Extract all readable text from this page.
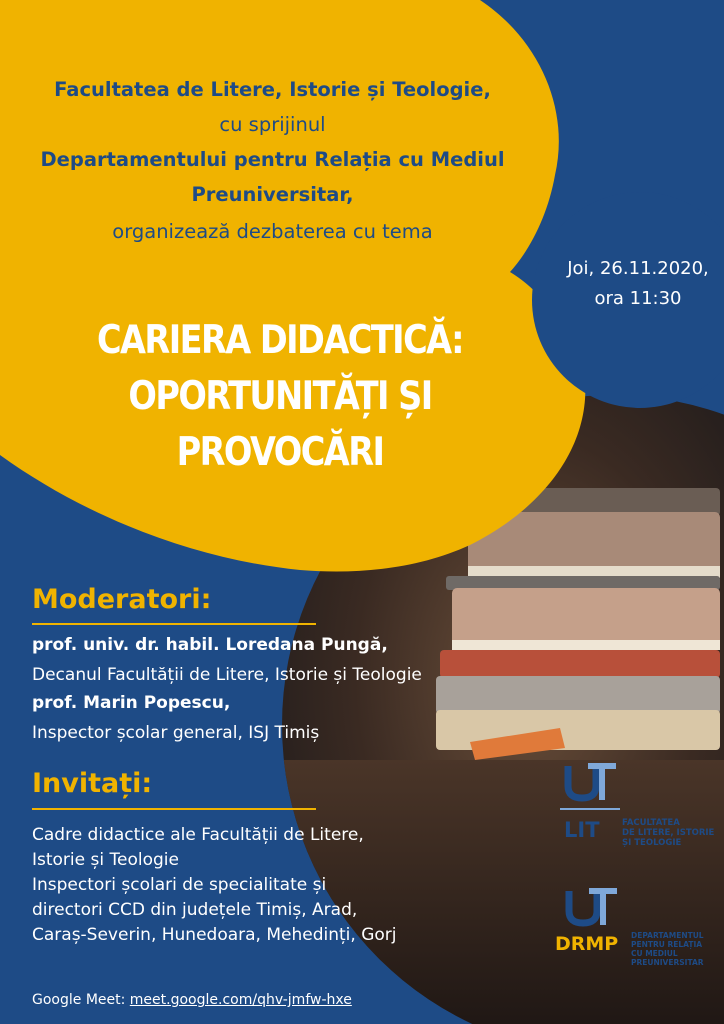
Facultatea de Litere, Istorie și Teologie,
cu sprijinul
Departamentului pentru Relația cu Mediul
Preuniversitar,
organizează dezbaterea cu tema
Joi, 26.11.2020,
ora 11:30
CARIERA DIDACTICĂ:
OPORTUNITĂȚI ȘI PROVOCĂRI
Moderatori:
prof. univ. dr. habil. Loredana Pungă,
Decanul Facultății de Litere, Istorie și Teologie
prof. Marin Popescu,
Inspector școlar general, ISJ Timiș
Invitați:
Cadre didactice ale Facultății de Litere,
Istorie și Teologie
Inspectori școlari de specialitate și
directori CCD din județele Timiș, Arad,
Caraș-Severin, Hunedoara, Mehedinți, Gorj
Google Meet: meet.google.com/qhv-jmfw-hxe
LIT	FACULTATEA
DE LITERE, ISTORIE
ȘI TEOLOGIE
DRMP DEPARTAMENTUL
PENTRU RELAȚIA
CU MEDIUL
PREUNIVERSITAR
